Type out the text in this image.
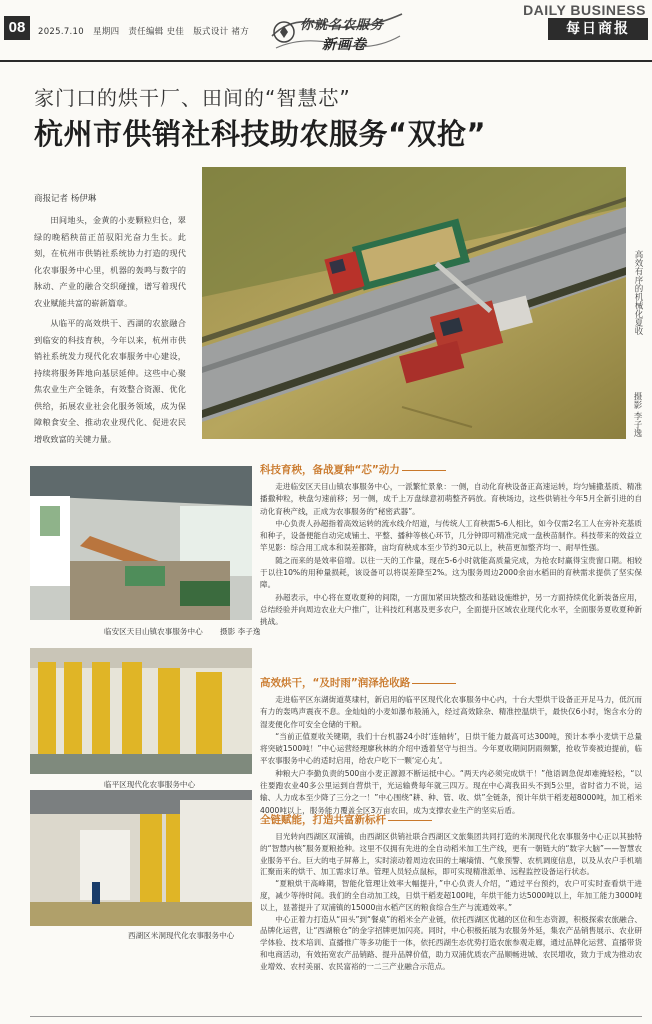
08	2025.7.10 星期四 责任编辑 史佳 版式设计 褚方	你就名农服务
新画卷
DAILY BUSINESS
每日商报
家门口的烘干厂、田间的“智慧芯”
杭州市供销社科技助农服务“双抢”
商报记者 杨伊琳

田间地头，金黄的小麦颗粒归仓，翠绿的晚稻秧苗正茁驭阳光奋力生长。此刻，在杭州市供销社系统协力打造的现代化农事服务中心里，机器的轰鸣与数字的脉动、产业的融合交织碰撞，谱写着现代农业赋能共富的崭新篇章。

从临平的高效烘干、西湖的农旅融合到临安的科技育秧，今年以来，杭州市供销社系统发力现代化农事服务中心建设，持续将服务阵地向基层延伸。这些中心聚焦农业生产全链条，有效整合资源、优化供给，拓展农业社会化服务领域，成为保障粮食安全、推动农业现代化、促进农民增收致富的关键力量。

高效有序的机械化夏收
摄影 李子逸
临安区天目山镇农事服务中心 摄影 李子逸
临平区现代化农事服务中心
西湖区米洞现代化农事服务中心
科技育秧，备战夏种“芯”动力

走进临安区天目山镇农事服务中心，一派繁忙景象：一侧，自动化育秧设备正高速运转，均匀铺撒基质、精准播撒种粒，秧盘匀速前移；另一侧，成千上万盘绿意初萌整齐码放。育秧场边，这些供销社今年5月全新引进的自动化育秧产线，正成为农事服务的“秘密武器”。

中心负责人孙超指着高效运转的流水线介绍道，与传统人工育秧需5-6人相比，如今仅需2名工人在旁补充基质和种子，设备便能自动完成铺土、平整、播种等核心环节，几分钟即可精准完成一盘秧苗制作。科技带来的效益立竿见影：综合用工成本和误差都降，亩均育秧成本至少节约30元以上，秧苗更加整齐均一、耐旱性强。

随之而来的是效率倍增。以往一天的工作量，现在5-6小时就能高质量完成，为抢农时赢得宝贵窗口期。相较于以往10%的用种量损耗，该设备可以将误差降至2%。这为服务周边2000余亩水稻田的育秧需求提供了坚实保障。

孙超表示，中心将在夏收夏种的间隙，一方面加紧田块整改和基础设施维护，另一方面持续优化新装备应用，总结经验并向周边农业大户推广，让科技红利惠及更多农户，全面提升区域农业现代化水平，全面服务夏收夏种新挑战。

高效烘干，“及时雨”润泽抢收路

走进临平区东湖街道莫埭村，新启用的临平区现代化农事服务中心内，十台大型烘干设备正开足马力，低沉而有力的轰鸣声震夜不息。金灿灿的小麦如瀑布般涌入，经过高效除杂、精准控温烘干，最快仅6小时，饱含水分的湿麦便化作可安全仓储的干粮。

“当前正值夏收关键期，我们十台机器24小时‘连轴转’，日烘干能力最高可达300吨，预计本季小麦烘干总量将突破1500吨！”中心运营经理廖秋林的介绍中透着坚守与担当。今年夏收期间阴雨频繁，抢收节奏被迫提前，临平农事服务中心的适时启用，给农户吃下一颗‘定心丸’。

种粮大户李勤负责的500亩小麦正源源不断运抵中心。“两天内必须完成烘干！”他语调急促却难掩轻松，“以往要跑农业40多公里运到自营烘干，光运输费每年就三四万。现在中心离我田头不到5公里，省时省力不说，运输、人力成本至少降了三分之一！”中心围绕“耕、种、管、收、烘”全链条，预计年烘干稻麦超8000吨，加工稻米4000吨以上，服务能力覆盖全区3万亩农田，成为支撑农业生产的坚实后盾。

全链赋能，打造共富新标杆

目光转向西湖区双浦镇，由西湖区供销社联合西湖区文旅集团共同打造的米洞现代化农事服务中心正以其独特的“智慧内核”服务夏粮抢种。这里不仅拥有先进的全自动稻米加工生产线，更有一朝链大的“数字大脑”——智慧农业服务平台。巨大的电子屏幕上，实时滚动着周边农田的土壤墒情、气象预警、农机调度信息，以及从农户手机端汇聚而来的烘干、加工需求订单。管理人员轻点鼠标，即可实现精准派单、远程监控设备运行状态。

“夏粮烘干高峰期，智能化管理让效率大幅提升，”中心负责人介绍，“通过平台预约，农户可实时查看烘干进度，减少等待时间。我们的全自动加工线，日烘干稻麦超100吨，年烘干能力达5000吨以上，年加工能力3000吨以上，显著提升了双浦镇的15000亩水稻产区的粮食综合生产与流通效率。”

中心正着力打造从“田头”到“餐桌”的稻米全产业链，依托西湖区优越的区位和生态资源，积极探索农旅融合、品牌化运营，让“西湖粮仓”的金字招牌更加闪亮。同时，中心积极拓展为农服务外延，集农产品销售展示、农业研学体验、技术培训、直播推广等多功能于一体，依托西湖生态优势打造农旅参观走廊，通过品牌化运营、直播带货和电商活动，有效拓宽农产品销路、提升品牌价值，助力双浦优质农产品顺畅进城、农民增收，致力于成为推动农业增效、农村美丽、农民富裕的一二三产业融合示范点。
